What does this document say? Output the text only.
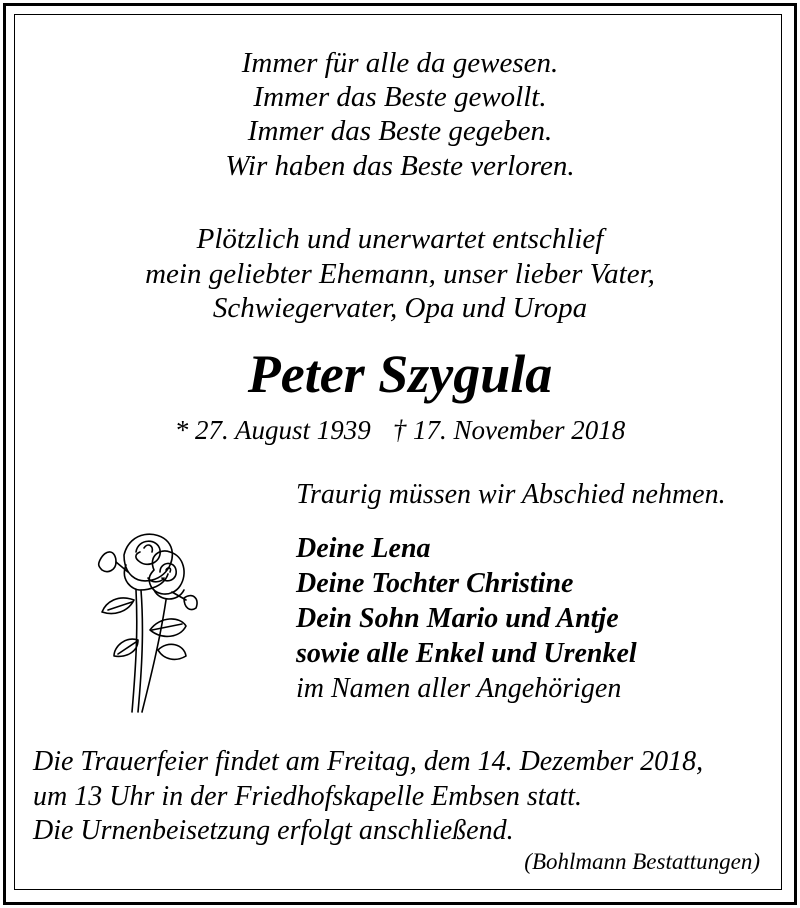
Immer für alle da gewesen.
Immer das Beste gewollt.
Immer das Beste gegeben.
Wir haben das Beste verloren.
Plötzlich und unerwartet entschlief
mein geliebter Ehemann, unser lieber Vater,
Schwiegervater, Opa und Uropa
Peter Szygula
* 27. August 1939 † 17. November 2018
Traurig müssen wir Abschied nehmen.
Deine Lena
Deine Tochter Christine
Dein Sohn Mario und Antje
sowie alle Enkel und Urenkel
im Namen aller Angehörigen
Die Trauerfeier findet am Freitag, dem 14. Dezember 2018,
um 13 Uhr in der Friedhofskapelle Embsen statt.
Die Urnenbeisetzung erfolgt anschließend.
(Bohlmann Bestattungen)
